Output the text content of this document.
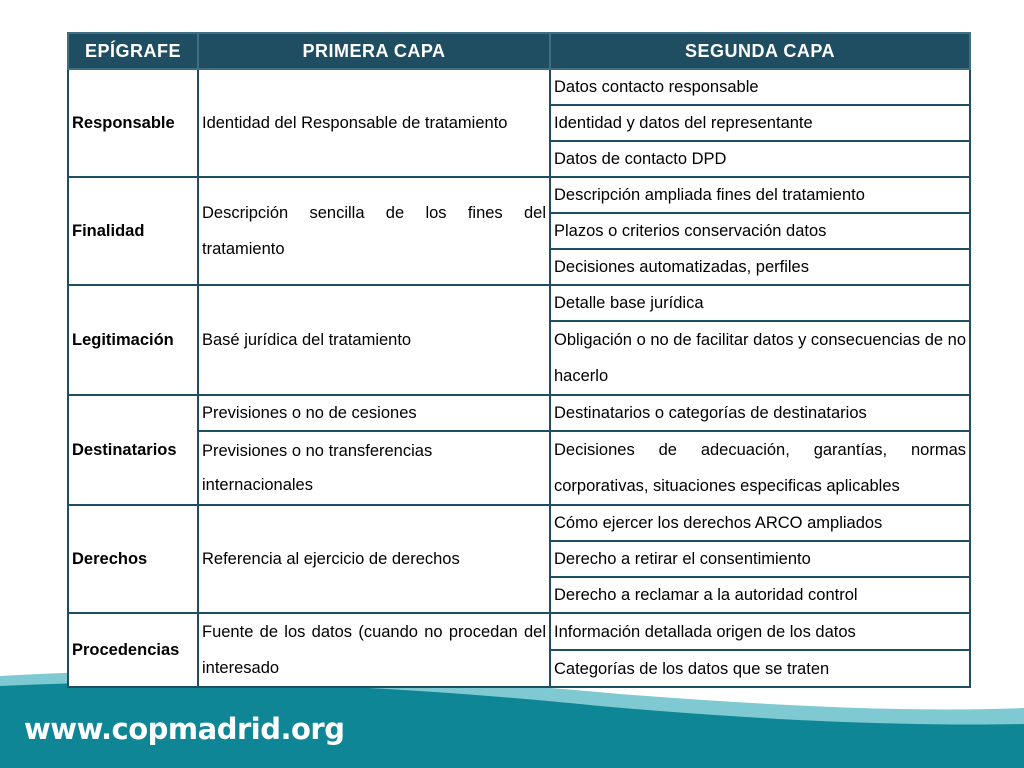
EPÍGRAFE	PRIMERA CAPA	SEGUNDA CAPA
Responsable	Identidad del Responsable de tratamiento	Datos contacto responsable
		Identidad y datos del representante
		Datos de contacto DPD
Finalidad	Descripción sencilla de los fines del tratamiento	Descripción ampliada fines del tratamiento
		Plazos o criterios conservación datos
		Decisiones automatizadas, perfiles
Legitimación	Basé jurídica del tratamiento	Detalle base jurídica
		Obligación o no de facilitar datos y consecuencias de no hacerlo
Destinatarios	Previsiones o no de cesiones	Destinatarios o categorías de destinatarios
	Previsiones o no transferencias internacionales	Decisiones de adecuación, garantías, normas corporativas, situaciones especificas aplicables
Derechos	Referencia al ejercicio de derechos	Cómo ejercer los derechos ARCO ampliados
		Derecho a retirar el consentimiento
		Derecho a reclamar a la autoridad control
Procedencias	Fuente de los datos (cuando no procedan del interesado	Información detallada origen de los datos
		Categorías de los datos que se traten
www.copmadrid.org
